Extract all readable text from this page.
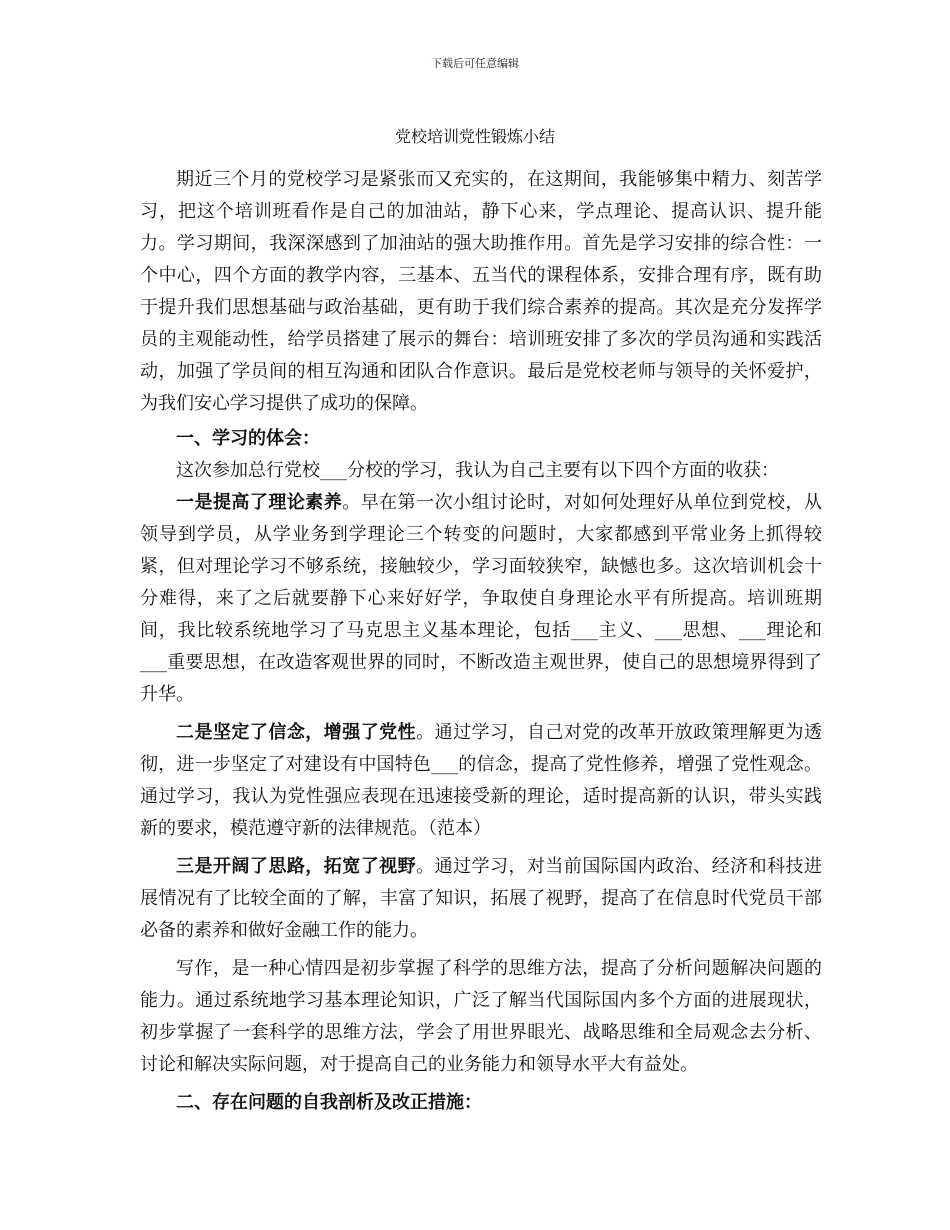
下载后可任意编辑
党校培训党性锻炼小结

期近三个月的党校学习是紧张而又充实的，在这期间，我能够集中精力、刻苦学习，把这个培训班看作是自己的加油站，静下心来，学点理论、提高认识、提升能力。学习期间，我深深感到了加油站的强大助推作用。首先是学习安排的综合性：一个中心，四个方面的教学内容，三基本、五当代的课程体系，安排合理有序，既有助于提升我们思想基础与政治基础，更有助于我们综合素养的提高。其次是充分发挥学员的主观能动性，给学员搭建了展示的舞台：培训班安排了多次的学员沟通和实践活动，加强了学员间的相互沟通和团队合作意识。最后是党校老师与领导的关怀爱护，为我们安心学习提供了成功的保障。

一、学习的体会：

这次参加总行党校___分校的学习，我认为自己主要有以下四个方面的收获：

一是提高了理论素养。早在第一次小组讨论时，对如何处理好从单位到党校，从领导到学员，从学业务到学理论三个转变的问题时，大家都感到平常业务上抓得较紧，但对理论学习不够系统，接触较少，学习面较狭窄，缺憾也多。这次培训机会十分难得，来了之后就要静下心来好好学，争取使自身理论水平有所提高。培训班期间，我比较系统地学习了马克思主义基本理论，包括___主义、___思想、___理论和___重要思想，在改造客观世界的同时，不断改造主观世界，使自己的思想境界得到了升华。

二是坚定了信念，增强了党性。通过学习，自己对党的改革开放政策理解更为透彻，进一步坚定了对建设有中国特色___的信念，提高了党性修养，增强了党性观念。通过学习，我认为党性强应表现在迅速接受新的理论，适时提高新的认识，带头实践新的要求，模范遵守新的法律规范。（范本）

三是开阔了思路，拓宽了视野。通过学习，对当前国际国内政治、经济和科技进展情况有了比较全面的了解，丰富了知识，拓展了视野，提高了在信息时代党员干部必备的素养和做好金融工作的能力。

写作，是一种心情四是初步掌握了科学的思维方法，提高了分析问题解决问题的能力。通过系统地学习基本理论知识，广泛了解当代国际国内多个方面的进展现状，初步掌握了一套科学的思维方法，学会了用世界眼光、战略思维和全局观念去分析、讨论和解决实际问题，对于提高自己的业务能力和领导水平大有益处。

二、存在问题的自我剖析及改正措施：
